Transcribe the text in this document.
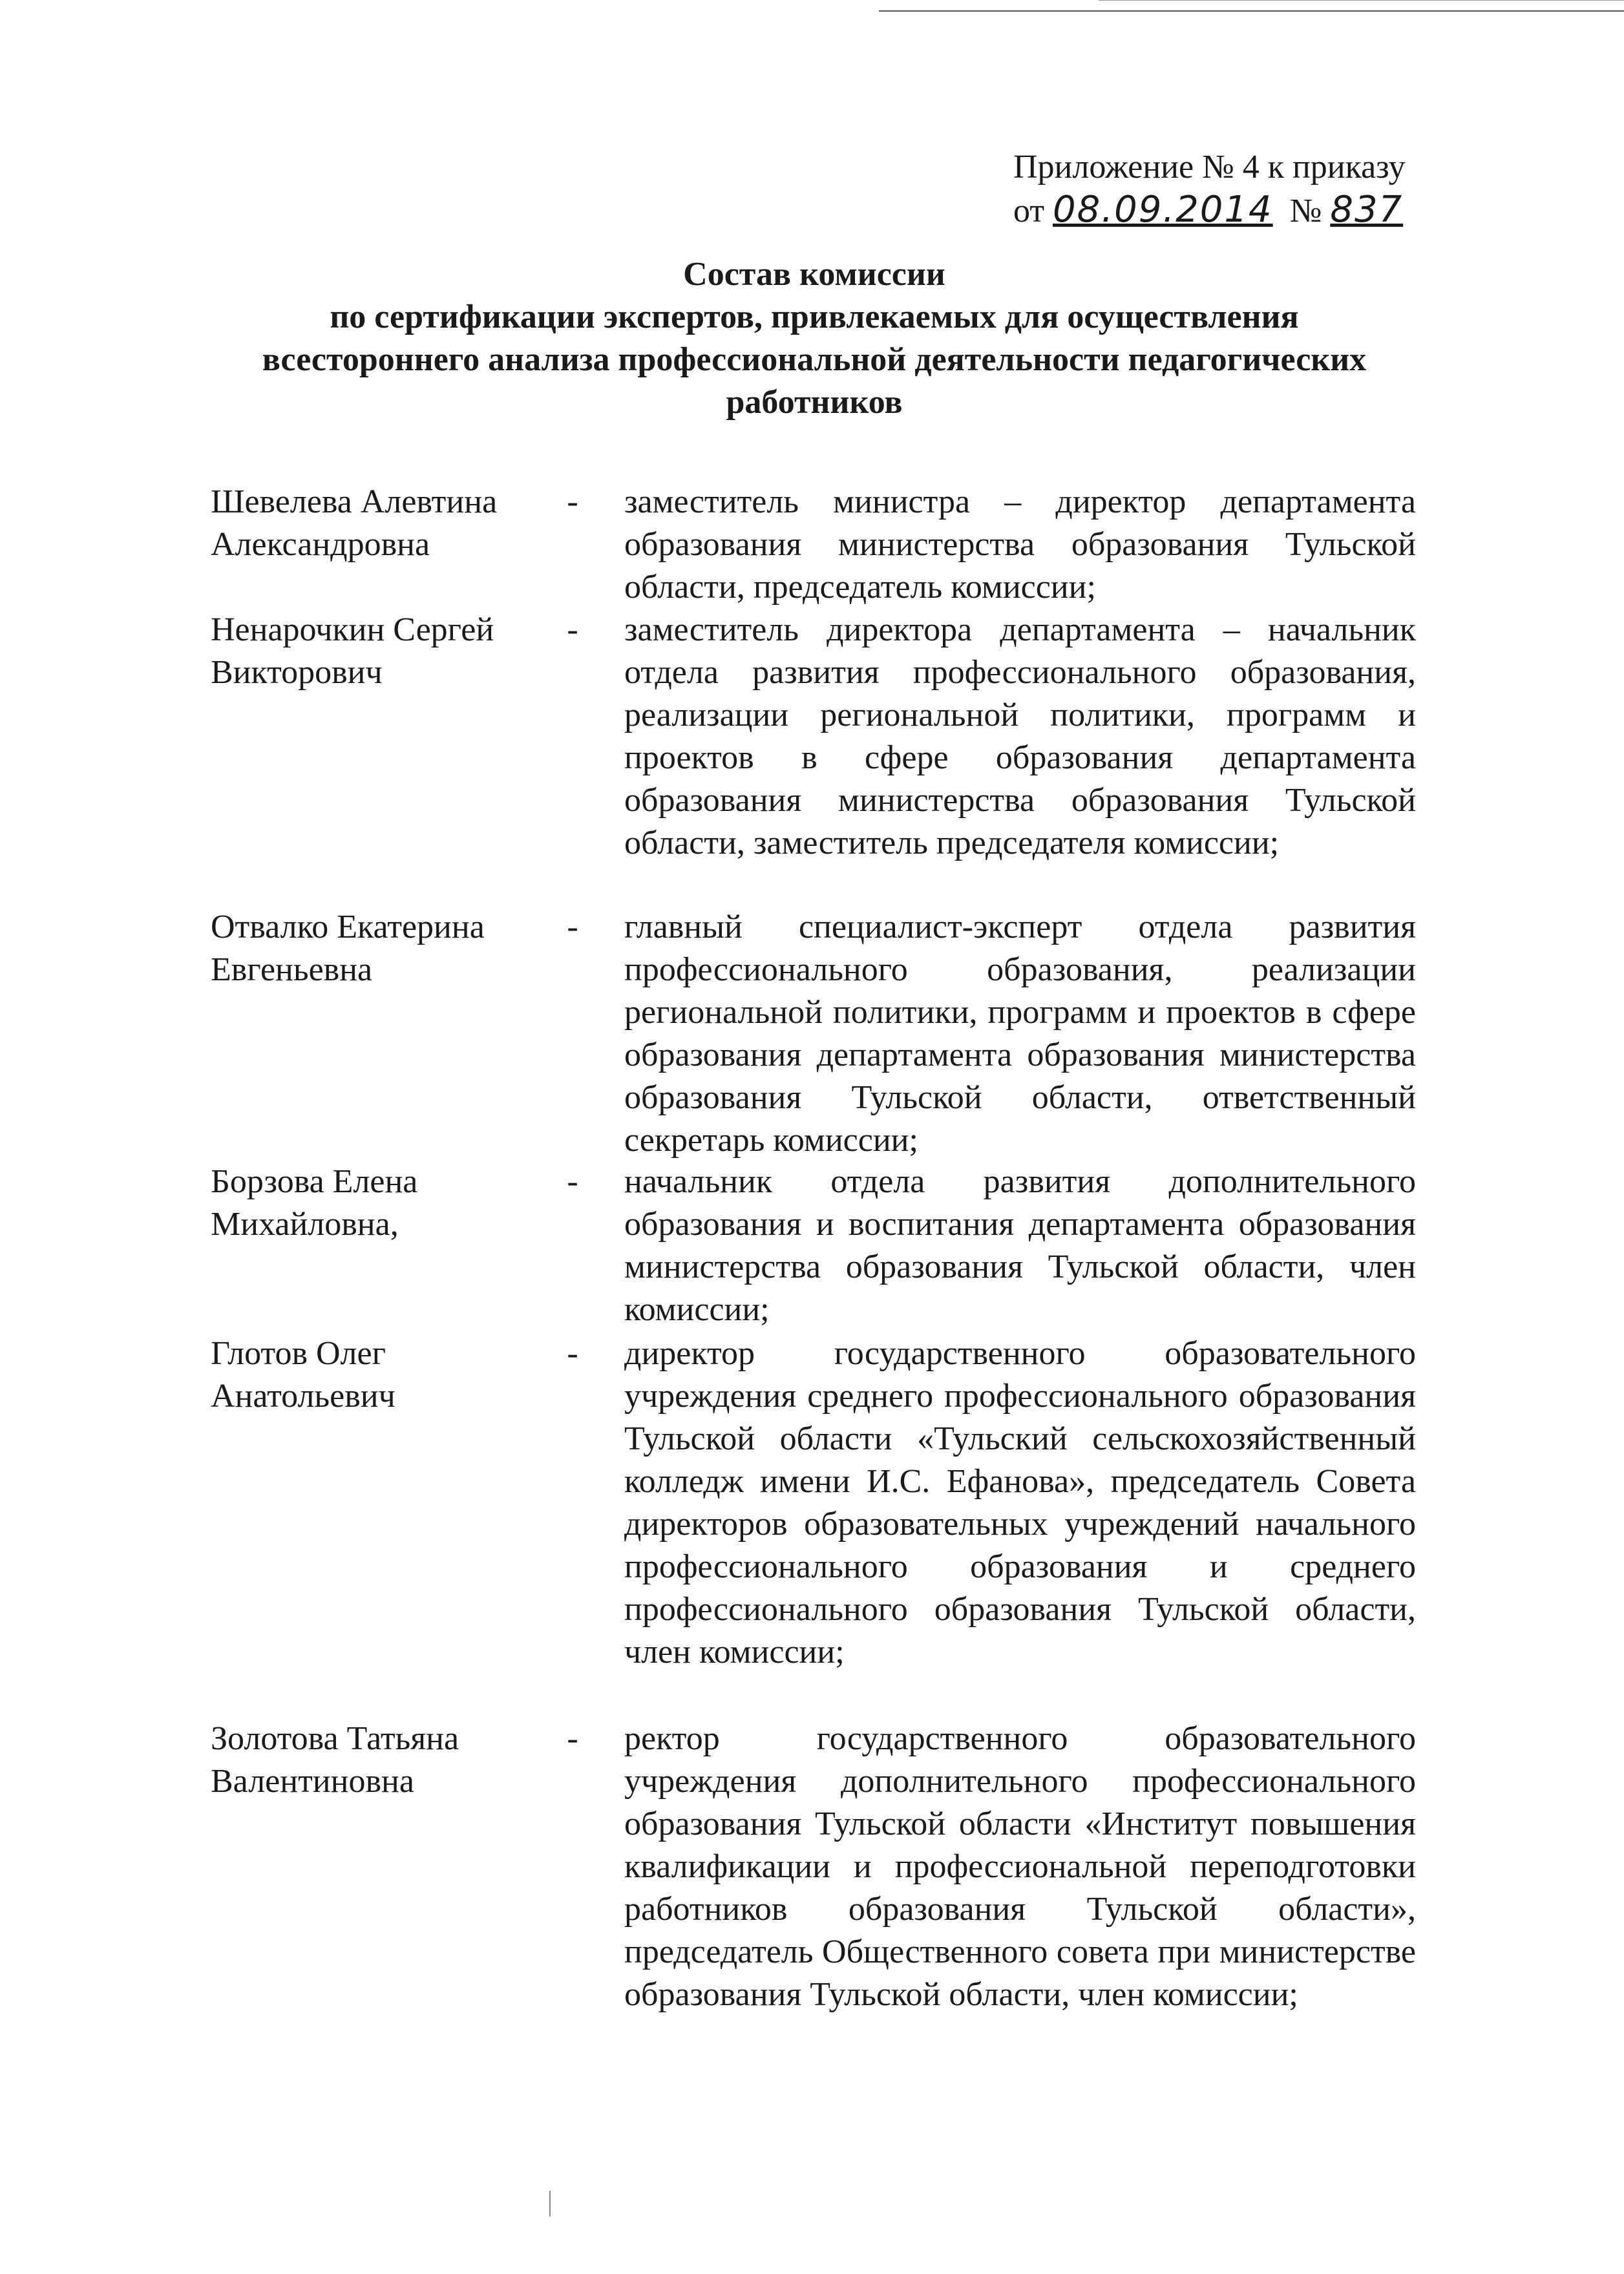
Приложение № 4 к приказу
от 08.09.2014 № 837
Состав комиссии
по сертификации экспертов, привлекаемых для осуществления
всестороннего анализа профессиональной деятельности педагогических
работников
Шевелева Алевтина
Александровна
- заместитель министра – директор департамента образования министерства образования Тульской области, председатель комиссии;
Ненарочкин Сергей
Викторович
- заместитель директора департамента – начальник отдела развития профессионального образования, реализации региональной политики, программ и проектов в сфере образования департамента образования министерства образования Тульской области, заместитель председателя комиссии;
Отвалко Екатерина
Евгеньевна
- главный специалист-эксперт отдела развития профессионального образования, реализации региональной политики, программ и проектов в сфере образования департамента образования министерства образования Тульской области, ответственный секретарь комиссии;
Борзова Елена
Михайловна,
- начальник отдела развития дополнительного образования и воспитания департамента образования министерства образования Тульской области, член комиссии;
Глотов Олег
Анатольевич
- директор государственного образовательного учреждения среднего профессионального образования Тульской области «Тульский сельскохозяйственный колледж имени И.С. Ефанова», председатель Совета директоров образовательных учреждений начального профессионального образования и среднего профессионального образования Тульской области, член комиссии;
Золотова Татьяна
Валентиновна
- ректор государственного образовательного учреждения дополнительного профессионального образования Тульской области «Институт повышения квалификации и профессиональной переподготовки работников образования Тульской области», председатель Общественного совета при министерстве образования Тульской области, член комиссии;
